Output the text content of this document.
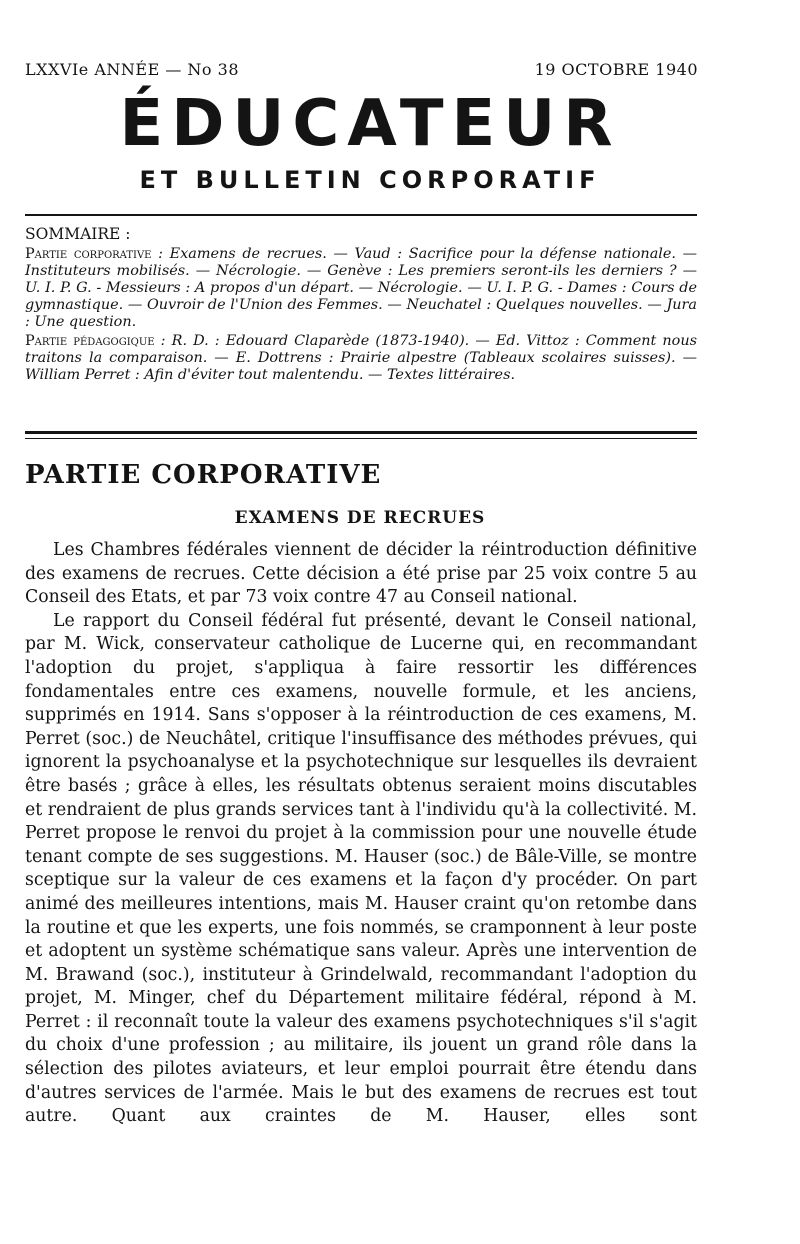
LXXVIe ANNÉE — No 38	19 OCTOBRE 1940
ÉDUCATEUR
ET BULLETIN CORPORATIF
SOMMAIRE :

Partie corporative : Examens de recrues. — Vaud : Sacrifice pour la défense nationale. — Instituteurs mobilisés. — Nécrologie. — Genève : Les premiers seront-ils les derniers ? — U. I. P. G. - Messieurs : A propos d'un départ. — Nécrologie. — U. I. P. G. - Dames : Cours de gymnastique. — Ouvroir de l'Union des Femmes. — Neuchatel : Quelques nouvelles. — Jura : Une question.

Partie pédagogique : R. D. : Edouard Claparède (1873-1940). — Ed. Vittoz : Comment nous traitons la comparaison. — E. Dottrens : Prairie alpestre (Tableaux scolaires suisses). — William Perret : Afin d'éviter tout malentendu. — Textes littéraires.

PARTIE CORPORATIVE
EXAMENS DE RECRUES

Les Chambres fédérales viennent de décider la réintroduction définitive des examens de recrues. Cette décision a été prise par 25 voix contre 5 au Conseil des Etats, et par 73 voix contre 47 au Conseil national.

Le rapport du Conseil fédéral fut présenté, devant le Conseil national, par M. Wick, conservateur catholique de Lucerne qui, en recommandant l'adoption du projet, s'appliqua à faire ressortir les différences fondamentales entre ces examens, nouvelle formule, et les anciens, supprimés en 1914. Sans s'opposer à la réintroduction de ces examens, M. Perret (soc.) de Neuchâtel, critique l'insuffisance des méthodes prévues, qui ignorent la psychoanalyse et la psychotechnique sur lesquelles ils devraient être basés ; grâce à elles, les résultats obtenus seraient moins discutables et rendraient de plus grands services tant à l'individu qu'à la collectivité. M. Perret propose le renvoi du projet à la commission pour une nouvelle étude tenant compte de ses suggestions. M. Hauser (soc.) de Bâle-Ville, se montre sceptique sur la valeur de ces examens et la façon d'y procéder. On part animé des meilleures intentions, mais M. Hauser craint qu'on retombe dans la routine et que les experts, une fois nommés, se cramponnent à leur poste et adoptent un système schématique sans valeur. Après une intervention de M. Brawand (soc.), instituteur à Grindelwald, recommandant l'adoption du projet, M. Minger, chef du Département militaire fédéral, répond à M. Perret : il reconnaît toute la valeur des examens psychotechniques s'il s'agit du choix d'une profession ; au militaire, ils jouent un grand rôle dans la sélection des pilotes aviateurs, et leur emploi pourrait être étendu dans d'autres services de l'armée. Mais le but des examens de recrues est tout autre. Quant aux craintes de M. Hauser, elles sont
